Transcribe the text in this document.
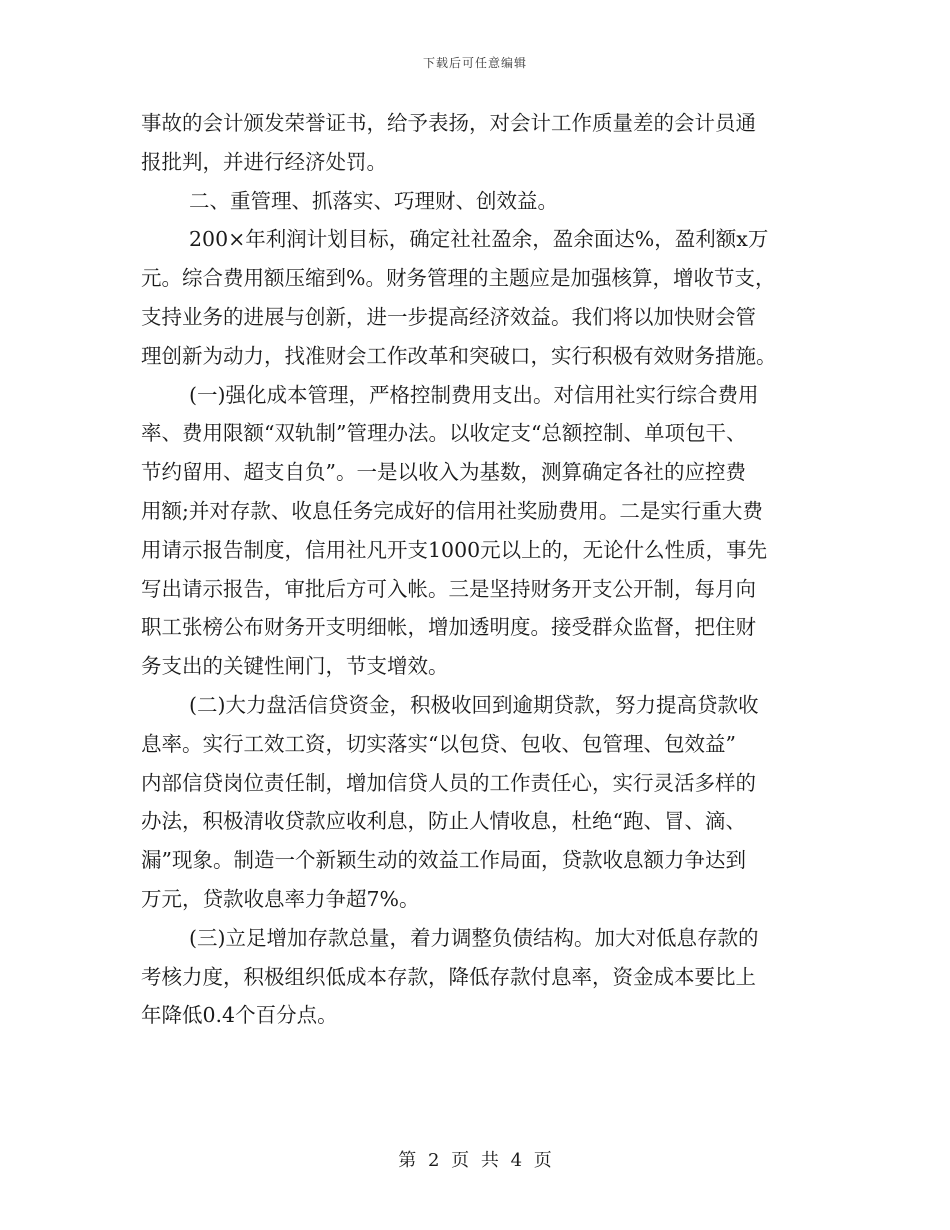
下载后可任意编辑
事故的会计颁发荣誉证书，给予表扬，对会计工作质量差的会计员通
报批判，并进行经济处罚。
二、重管理、抓落实、巧理财、创效益。
200×年利润计划目标，确定社社盈余，盈余面达%，盈利额x万
元。综合费用额压缩到%。财务管理的主题应是加强核算，增收节支，
支持业务的进展与创新，进一步提高经济效益。我们将以加快财会管
理创新为动力，找准财会工作改革和突破口，实行积极有效财务措施。
(一)强化成本管理，严格控制费用支出。对信用社实行综合费用
率、费用限额“双轨制”管理办法。以收定支“总额控制、单项包干、
节约留用、超支自负”。一是以收入为基数，测算确定各社的应控费
用额;并对存款、收息任务完成好的信用社奖励费用。二是实行重大费
用请示报告制度，信用社凡开支1000元以上的，无论什么性质，事先
写出请示报告，审批后方可入帐。三是坚持财务开支公开制，每月向
职工张榜公布财务开支明细帐，增加透明度。接受群众监督，把住财
务支出的关键性闸门，节支增效。
(二)大力盘活信贷资金，积极收回到逾期贷款，努力提高贷款收
息率。实行工效工资，切实落实“以包贷、包收、包管理、包效益”
内部信贷岗位责任制，增加信贷人员的工作责任心，实行灵活多样的
办法，积极清收贷款应收利息，防止人情收息，杜绝“跑、冒、滴、
漏”现象。制造一个新颖生动的效益工作局面，贷款收息额力争达到
万元，贷款收息率力争超7%。
(三)立足增加存款总量，着力调整负债结构。加大对低息存款的
考核力度，积极组织低成本存款，降低存款付息率，资金成本要比上
年降低0.4个百分点。
第 2 页 共 4 页
